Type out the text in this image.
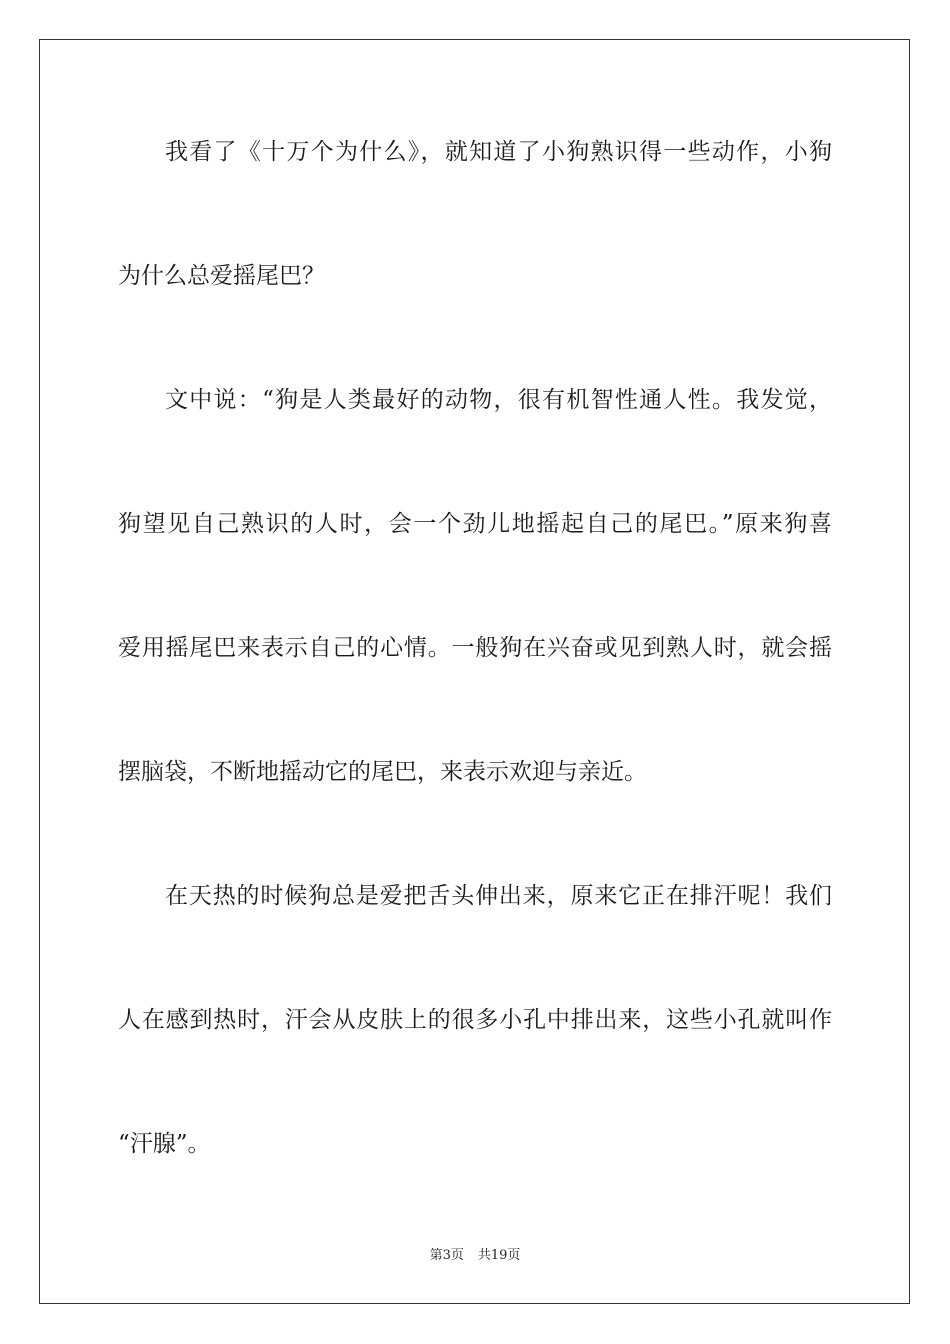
我看了《十万个为什么》，就知道了小狗熟识得一些动作，小狗
为什么总爱摇尾巴？
文中说：“狗是人类最好的动物，很有机智性通人性。我发觉，
狗望见自己熟识的人时，会一个劲儿地摇起自己的尾巴。”原来狗喜
爱用摇尾巴来表示自己的心情。一般狗在兴奋或见到熟人时，就会摇
摆脑袋，不断地摇动它的尾巴，来表示欢迎与亲近。
在天热的时候狗总是爱把舌头伸出来，原来它正在排汗呢！我们
人在感到热时，汗会从皮肤上的很多小孔中排出来，这些小孔就叫作
“汗腺”。
第3页 共19页
